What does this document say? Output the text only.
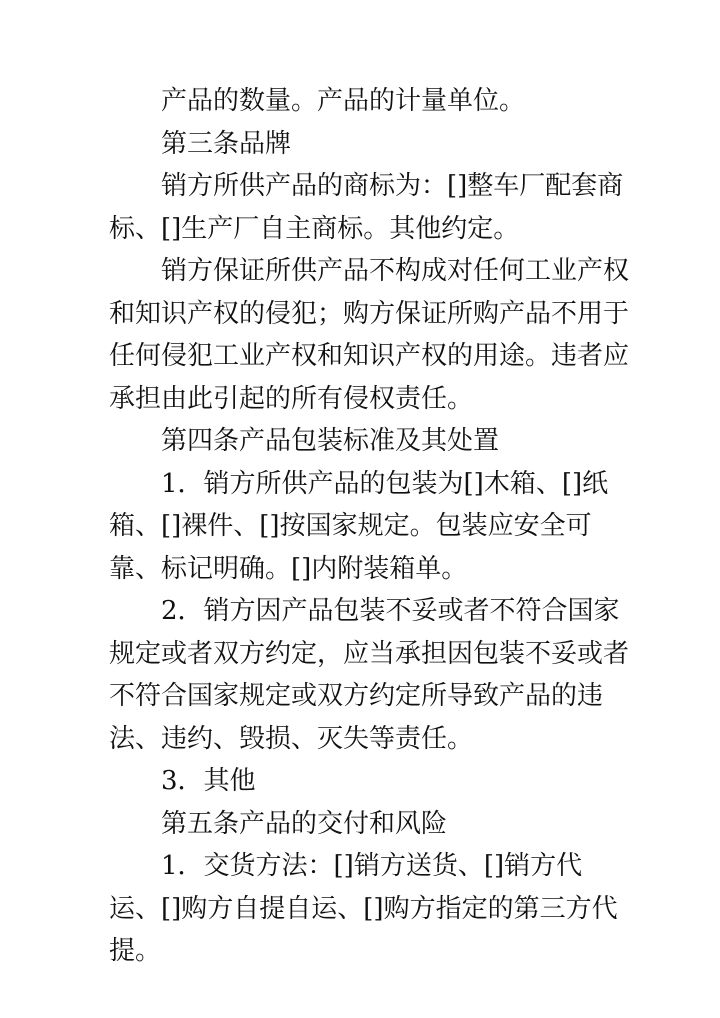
产品的数量。产品的计量单位。

第三条品牌

销方所供产品的商标为：[]整车厂配套商标、[]生产厂自主商标。其他约定。

销方保证所供产品不构成对任何工业产权和知识产权的侵犯；购方保证所购产品不用于任何侵犯工业产权和知识产权的用途。违者应承担由此引起的所有侵权责任。

第四条产品包装标准及其处置

1．销方所供产品的包装为[]木箱、[]纸箱、[]裸件、[]按国家规定。包装应安全可靠、标记明确。[]内附装箱单。

2．销方因产品包装不妥或者不符合国家规定或者双方约定，应当承担因包装不妥或者不符合国家规定或双方约定所导致产品的违法、违约、毁损、灭失等责任。

3．其他

第五条产品的交付和风险

1．交货方法：[]销方送货、[]销方代运、[]购方自提自运、[]购方指定的第三方代提。
